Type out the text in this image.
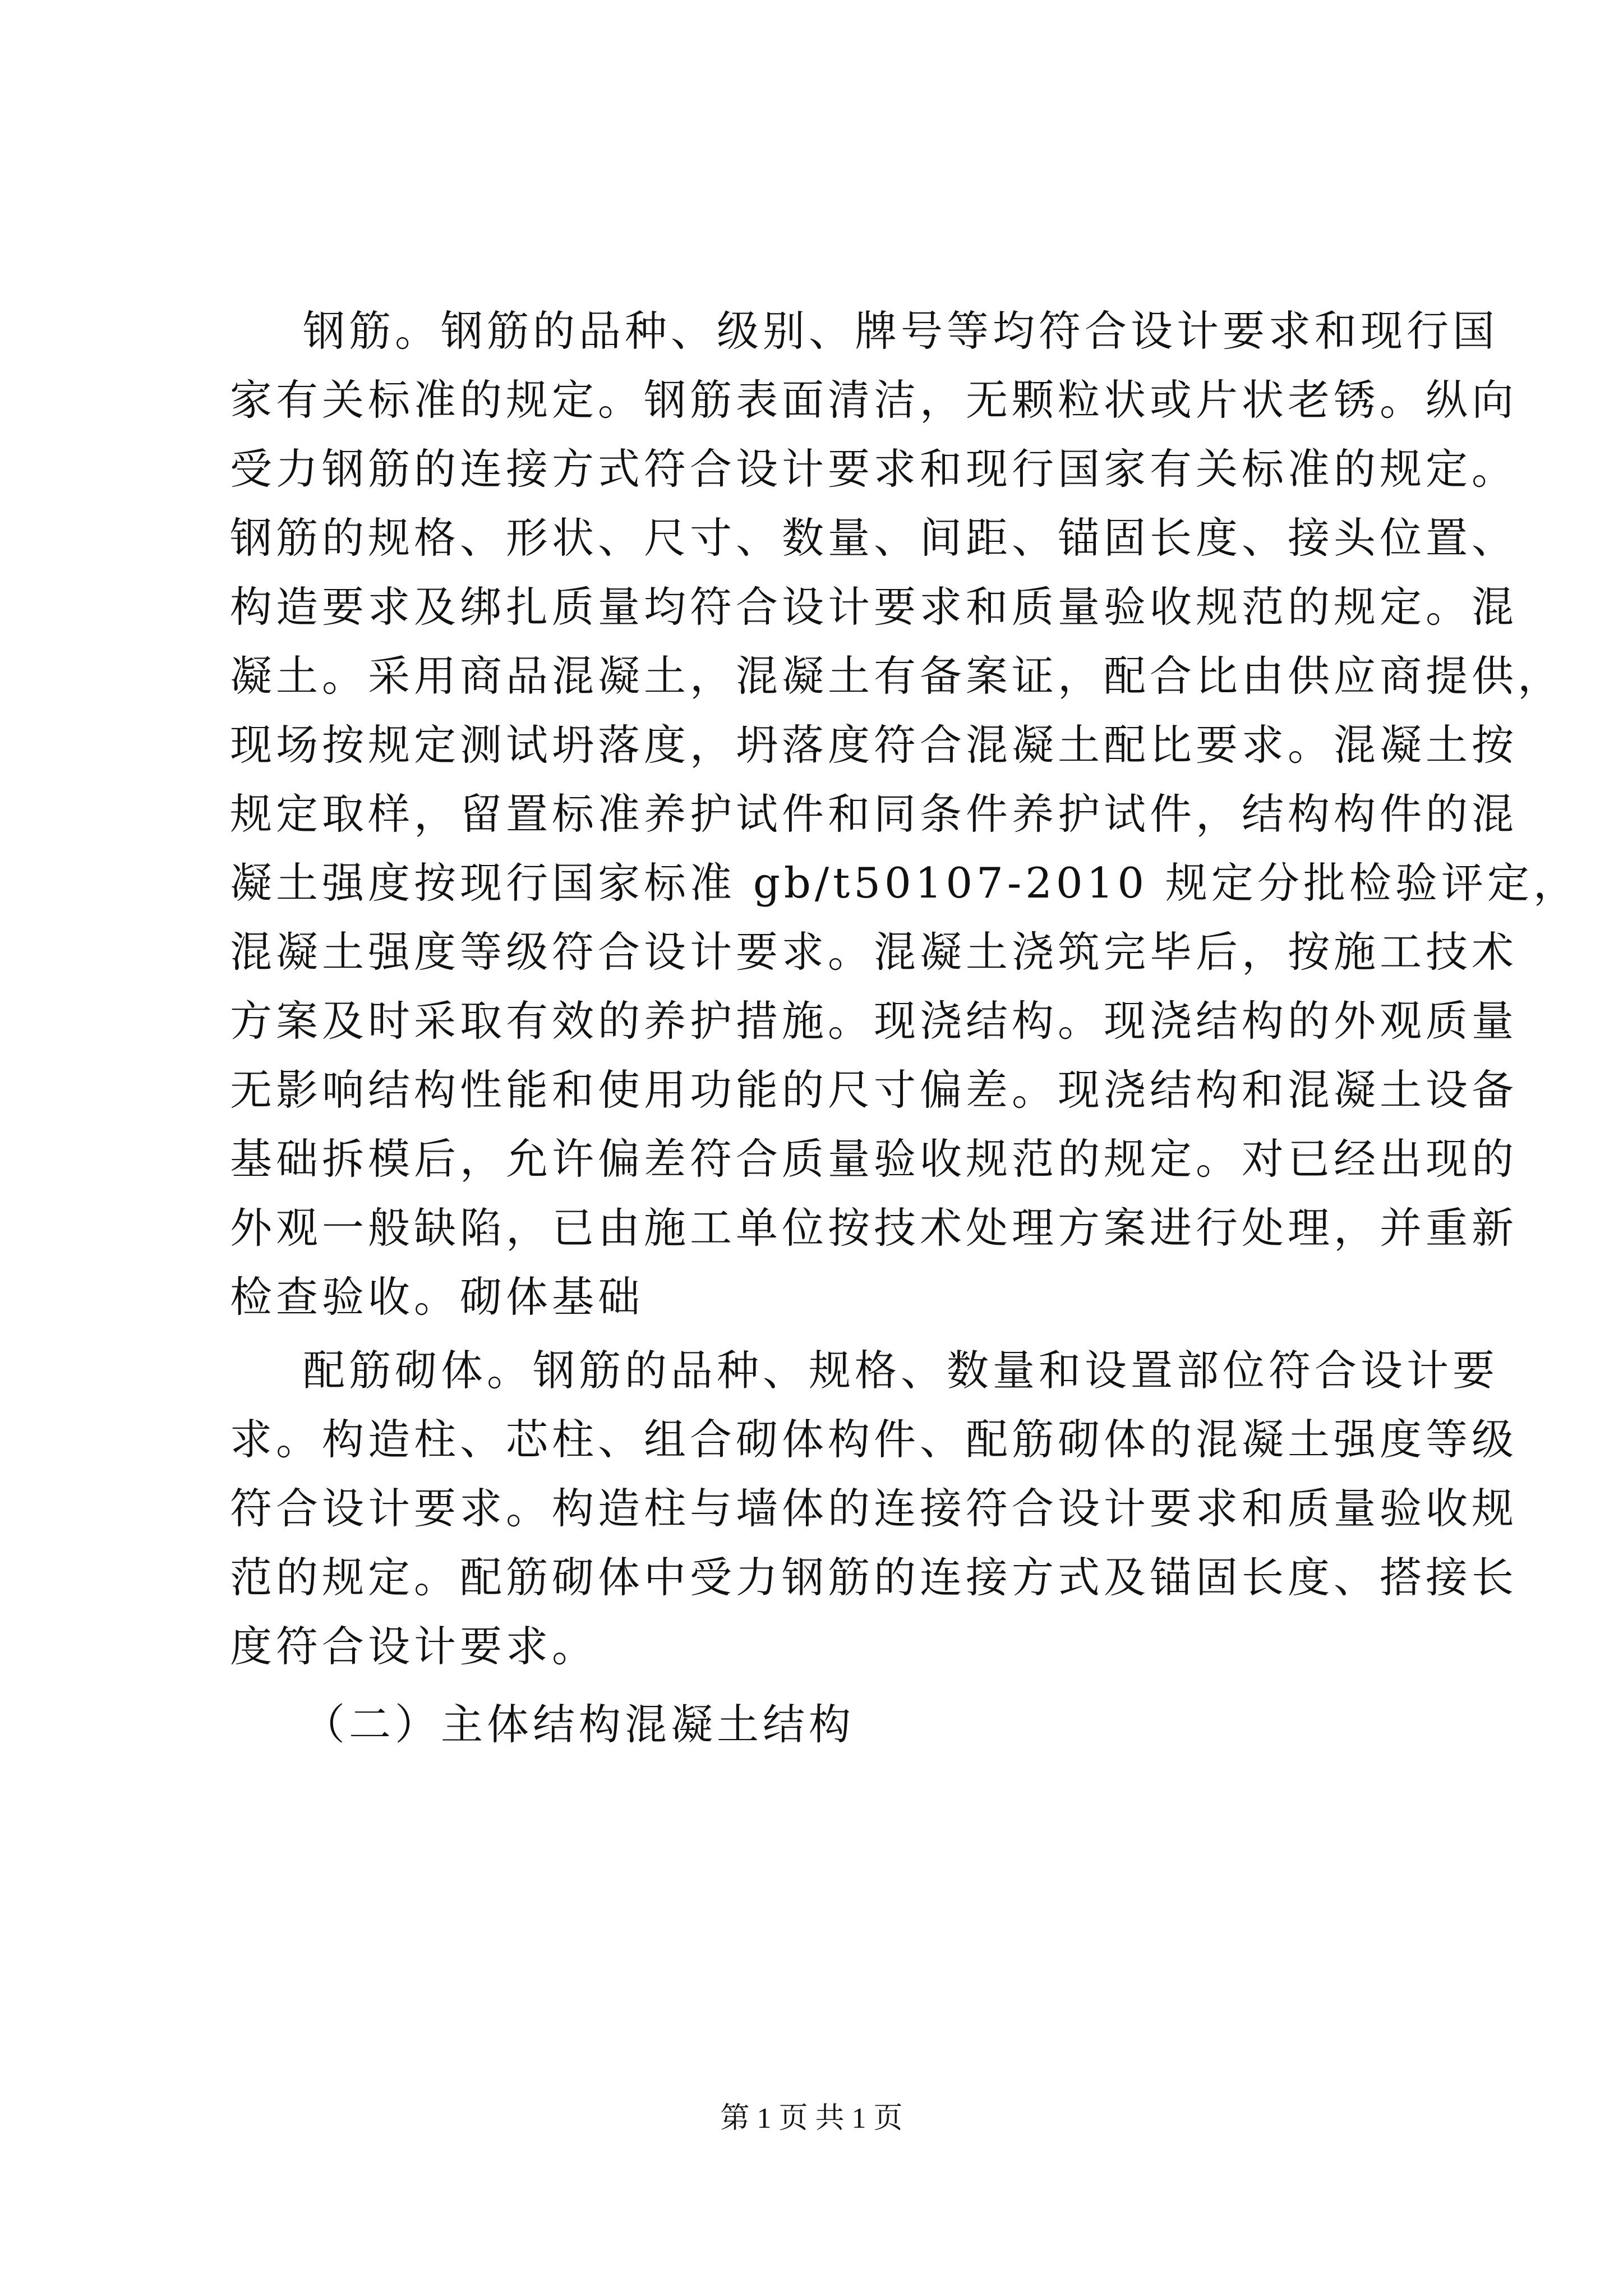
钢筋。钢筋的品种、级别、牌号等均符合设计要求和现行国
家有关标准的规定。钢筋表面清洁，无颗粒状或片状老锈。纵向
受力钢筋的连接方式符合设计要求和现行国家有关标准的规定。
钢筋的规格、形状、尺寸、数量、间距、锚固长度、接头位置、
构造要求及绑扎质量均符合设计要求和质量验收规范的规定。混
凝土。采用商品混凝土，混凝土有备案证，配合比由供应商提供，
现场按规定测试坍落度，坍落度符合混凝土配比要求。混凝土按
规定取样，留置标准养护试件和同条件养护试件，结构构件的混
凝土强度按现行国家标准 gb/t50107-2010 规定分批检验评定，
混凝土强度等级符合设计要求。混凝土浇筑完毕后，按施工技术
方案及时采取有效的养护措施。现浇结构。现浇结构的外观质量
无影响结构性能和使用功能的尺寸偏差。现浇结构和混凝土设备
基础拆模后，允许偏差符合质量验收规范的规定。对已经出现的
外观一般缺陷，已由施工单位按技术处理方案进行处理，并重新
检查验收。砌体基础
配筋砌体。钢筋的品种、规格、数量和设置部位符合设计要
求。构造柱、芯柱、组合砌体构件、配筋砌体的混凝土强度等级
符合设计要求。构造柱与墙体的连接符合设计要求和质量验收规
范的规定。配筋砌体中受力钢筋的连接方式及锚固长度、搭接长
度符合设计要求。
（二）主体结构混凝土结构
第 1 页 共 1 页
